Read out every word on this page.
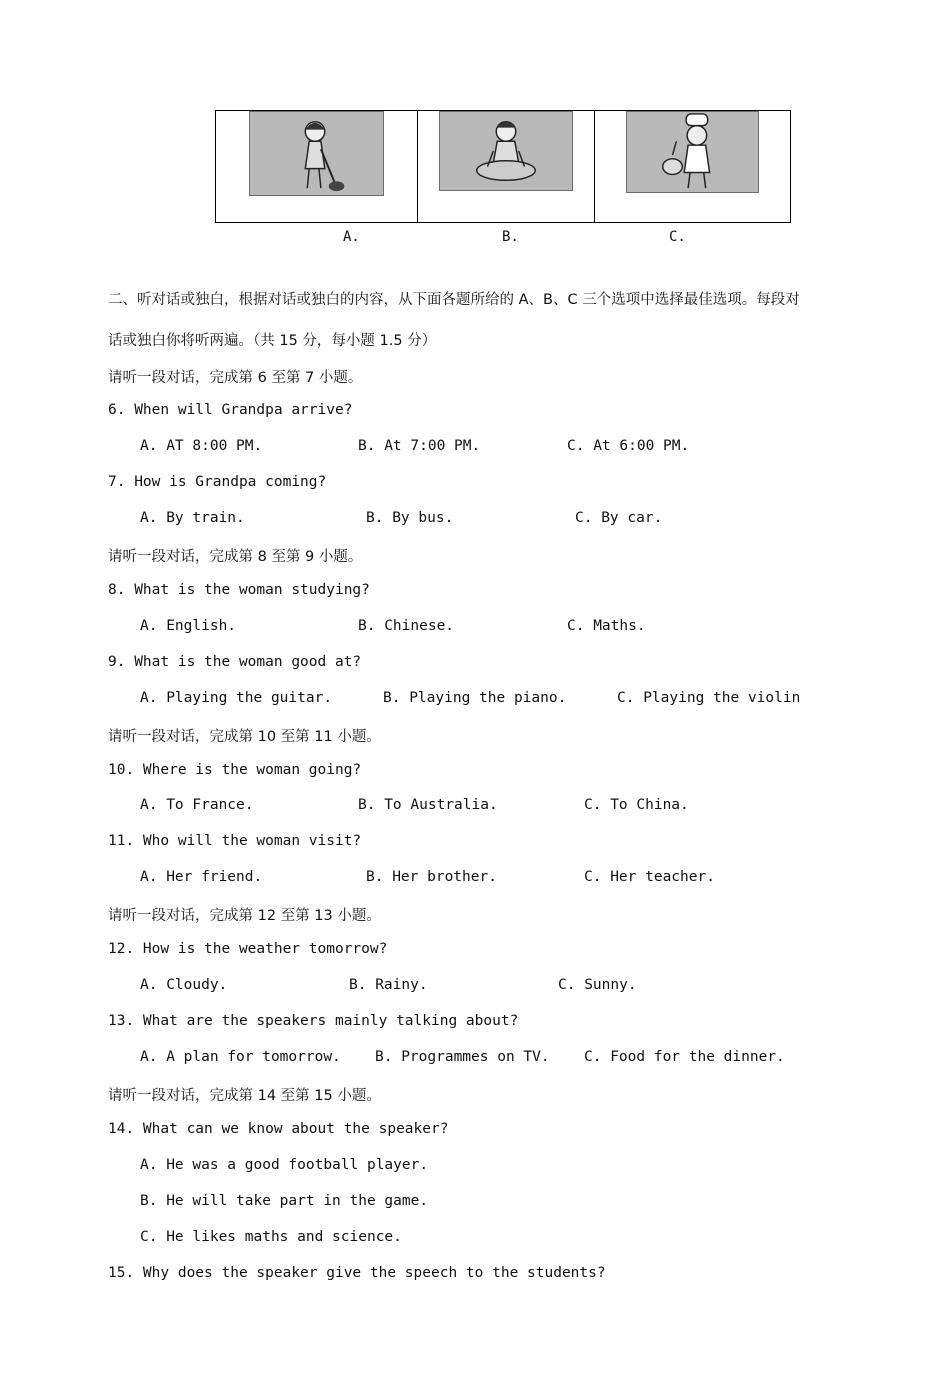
A.	B.	C.
二、听对话或独白，根据对话或独白的内容，从下面各题所给的 A、B、C 三个选项中选择最佳选项。每段对
话或独白你将听两遍。（共 15 分，每小题 1.5 分）
请听一段对话，完成第 6 至第 7 小题。
6. When will Grandpa arrive?
A. AT 8:00 PM.	B. At 7:00 PM.	C. At 6:00 PM.
7. How is Grandpa coming?
A. By train.	B. By bus.	C. By car.
请听一段对话，完成第 8 至第 9 小题。
8. What is the woman studying?
A. English.	B. Chinese.	C. Maths.
9. What is the woman good at?
A. Playing the guitar.	B. Playing the piano.	C. Playing the violin
请听一段对话，完成第 10 至第 11 小题。
10. Where is the woman going?
A. To France.	B. To Australia.	C. To China.
11. Who will the woman visit?
A. Her friend.	B. Her brother.	C. Her teacher.
请听一段对话，完成第 12 至第 13 小题。
12. How is the weather tomorrow?
A. Cloudy.	B. Rainy.	C. Sunny.
13. What are the speakers mainly talking about?
A. A plan for tomorrow. B. Programmes on TV. C. Food for the dinner.
请听一段对话，完成第 14 至第 15 小题。
14. What can we know about the speaker?
A. He was a good football player.
B. He will take part in the game.
C. He likes maths and science.
15. Why does the speaker give the speech to the students?
